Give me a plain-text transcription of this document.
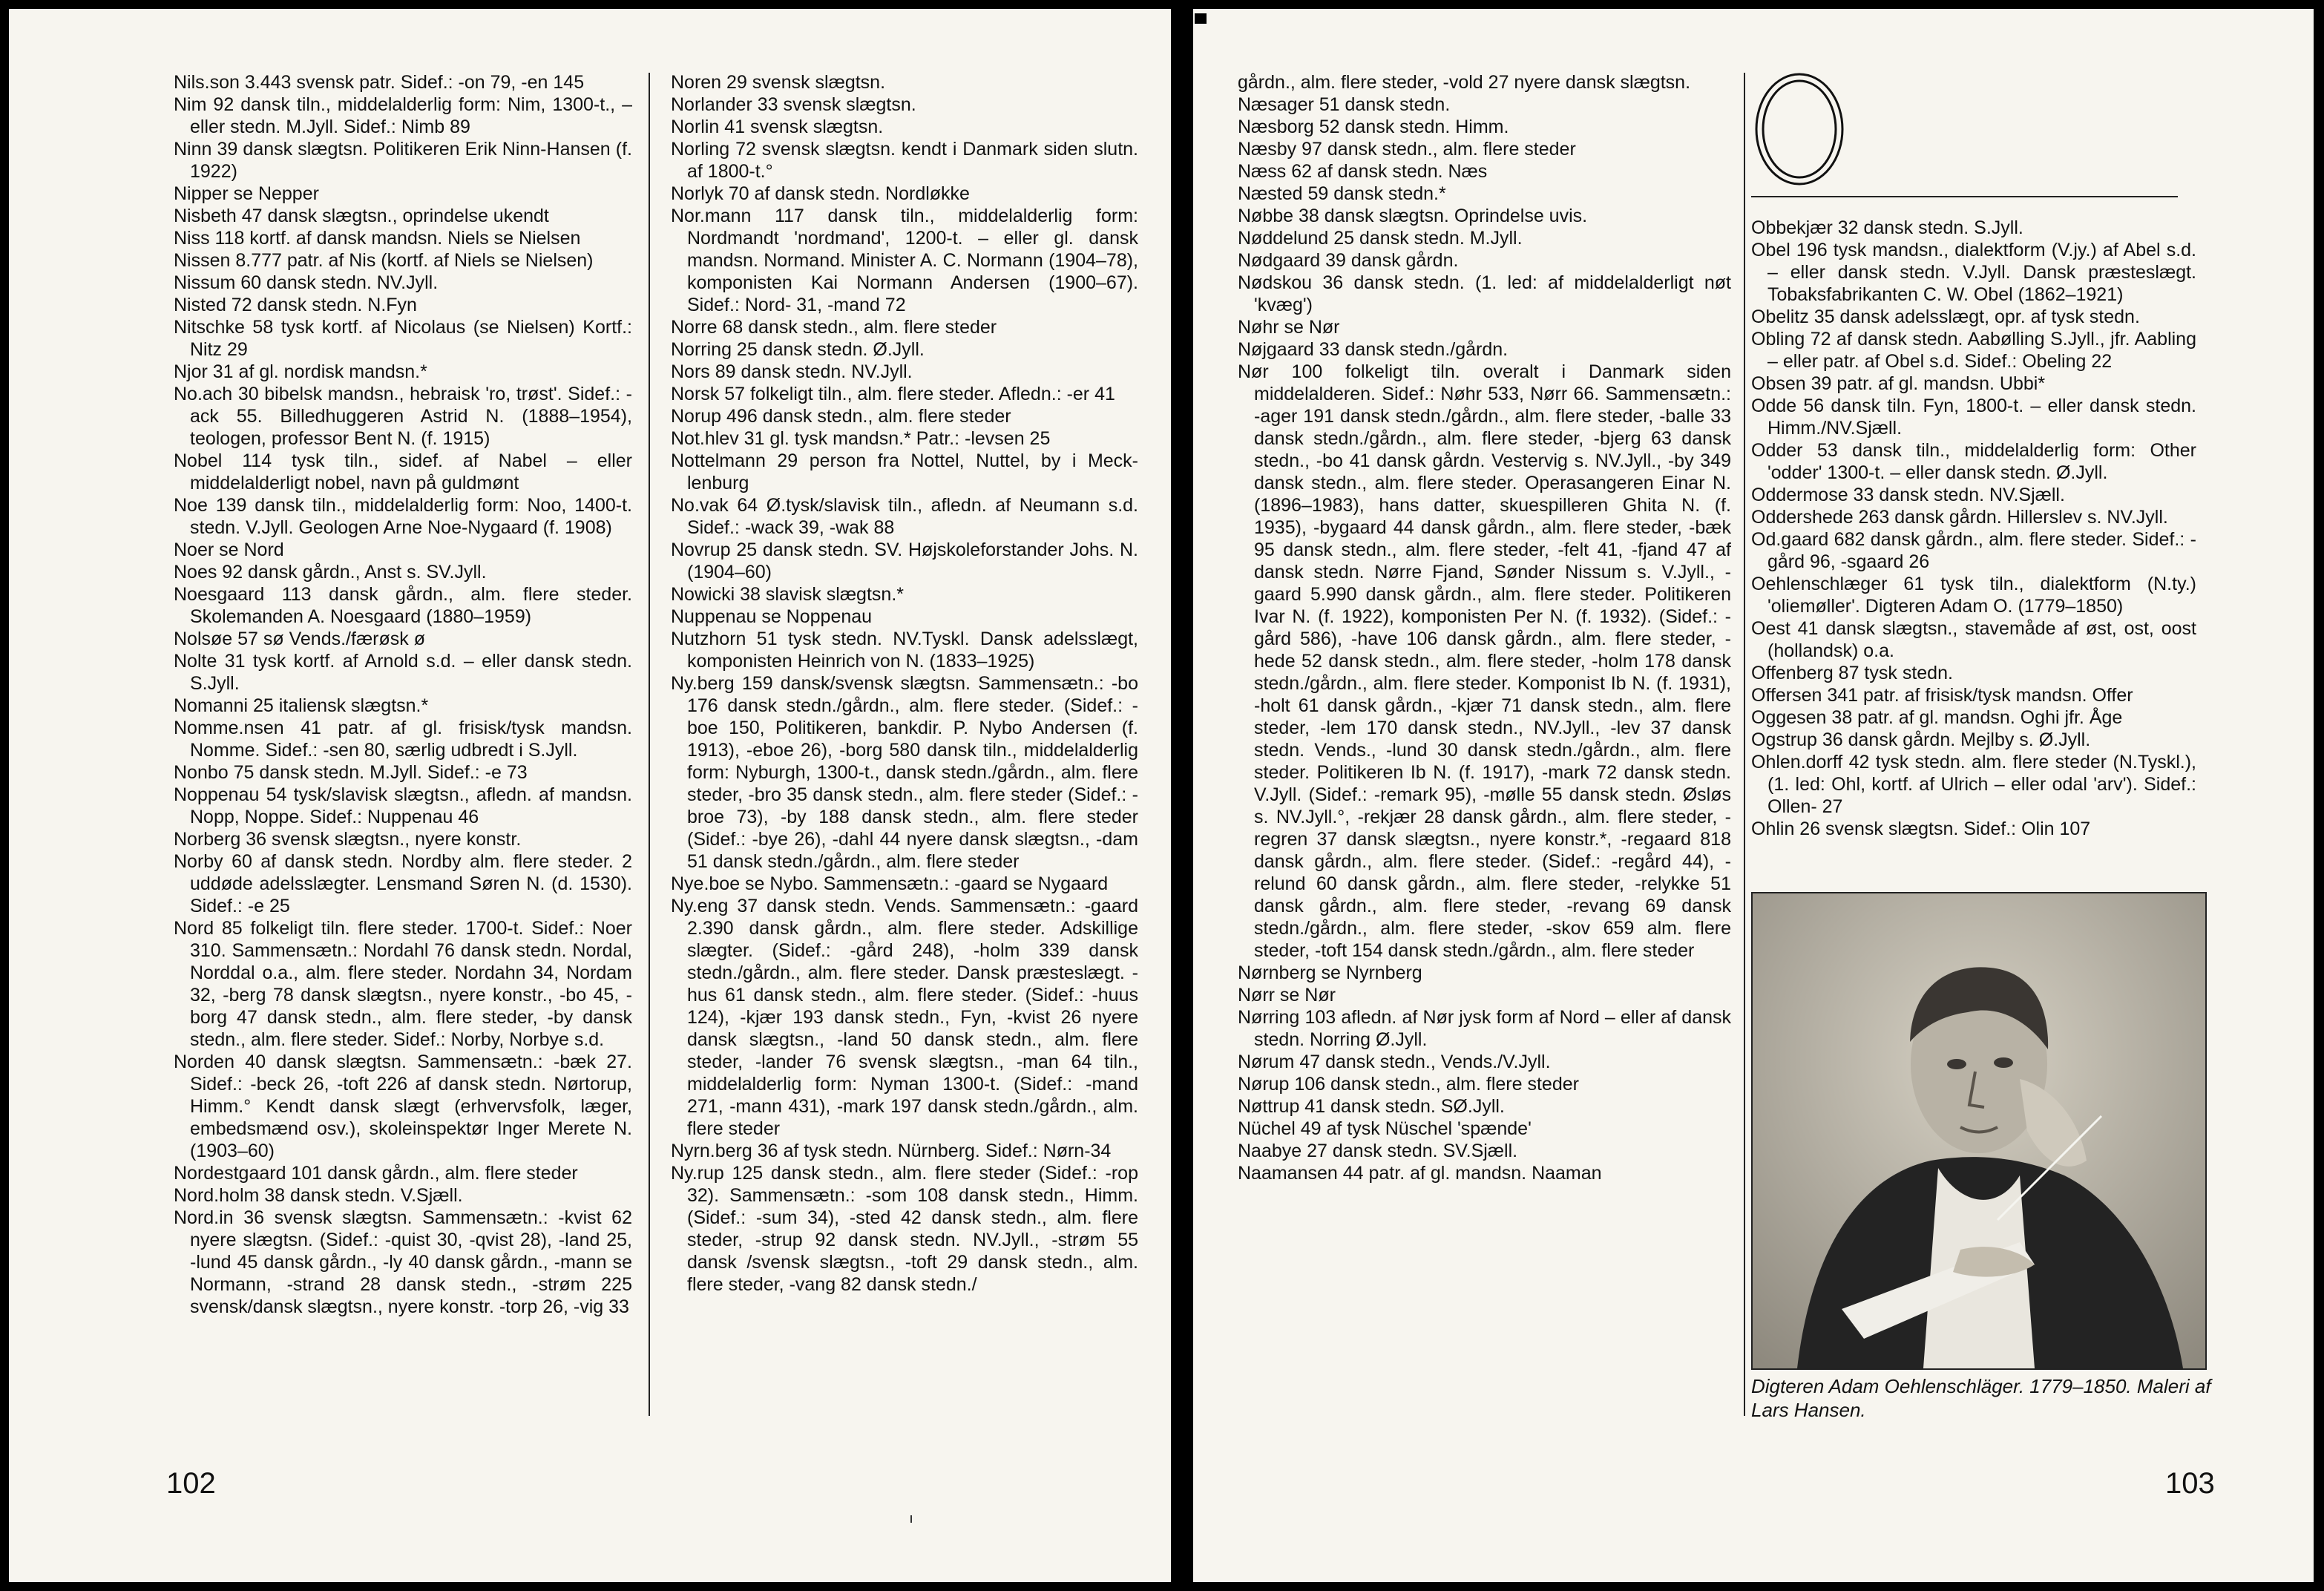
Nils.son 3.443 svensk patr. Sidef.: -on 79, -en 145

Nim 92 dansk tiln., middelalderlig form: Nim, 1300-t., – eller stedn. M.Jyll. Sidef.: Nimb 89

Ninn 39 dansk slægtsn. Politikeren Erik Ninn-Hansen (f. 1922)

Nipper se Nepper

Nisbeth 47 dansk slægtsn., oprindelse ukendt

Niss 118 kortf. af dansk mandsn. Niels se Nielsen

Nissen 8.777 patr. af Nis (kortf. af Niels se Nielsen)

Nissum 60 dansk stedn. NV.Jyll.

Nisted 72 dansk stedn. N.Fyn

Nitschke 58 tysk kortf. af Nicolaus (se Nielsen) Kortf.: Nitz 29

Njor 31 af gl. nordisk mandsn.*

No.ach 30 bibelsk mandsn., hebraisk 'ro, trøst'. Sidef.: -ack 55. Billedhuggeren Astrid N. (1888–1954), teologen, professor Bent N. (f. 1915)

Nobel 114 tysk tiln., sidef. af Nabel – eller middelalderligt nobel, navn på guldmønt

Noe 139 dansk tiln., middelalderlig form: Noo, 1400-t. stedn. V.Jyll. Geologen Arne Noe-Nygaard (f. 1908)

Noer se Nord

Noes 92 dansk gårdn., Anst s. SV.Jyll.

Noesgaard 113 dansk gårdn., alm. flere steder. Skolemanden A. Noesgaard (1880–1959)

Nolsøe 57 sø Vends./færøsk ø

Nolte 31 tysk kortf. af Arnold s.d. – eller dansk stedn. S.Jyll.

Nomanni 25 italiensk slægtsn.*

Nomme.nsen 41 patr. af gl. frisisk/tysk mandsn. Nomme. Sidef.: -sen 80, særlig udbredt i S.Jyll.

Nonbo 75 dansk stedn. M.Jyll. Sidef.: -e 73

Noppenau 54 tysk/slavisk slægtsn., afledn. af mandsn. Nopp, Noppe. Sidef.: Nuppenau 46

Norberg 36 svensk slægtsn., nyere konstr.

Norby 60 af dansk stedn. Nordby alm. flere steder. 2 uddøde adelsslægter. Lensmand Søren N. (d. 1530). Sidef.: -e 25

Nord 85 folkeligt tiln. flere steder. 1700-t. Sidef.: Noer 310. Sammensætn.: Nordahl 76 dansk stedn. Nordal, Norddal o.a., alm. flere steder. Nordahn 34, Nordam 32, -berg 78 dansk slægtsn., nyere konstr., -bo 45, -borg 47 dansk stedn., alm. flere steder, -by dansk stedn., alm. flere steder. Sidef.: Norby, Norbye s.d.

Norden 40 dansk slægtsn. Sammensætn.: -bæk 27. Sidef.: -beck 26, -toft 226 af dansk stedn. Nørtorup, Himm.° Kendt dansk slægt (erhvervsfolk, læger, embedsmænd osv.), skoleinspektør Inger Merete N. (1903–60)

Nordestgaard 101 dansk gårdn., alm. flere steder

Nord.holm 38 dansk stedn. V.Sjæll.

Nord.in 36 svensk slægtsn. Sammensætn.: -kvist 62 nyere slægtsn. (Sidef.: -quist 30, -qvist 28), -land 25, -lund 45 dansk gårdn., -ly 40 dansk gårdn., -mann se Normann, -strand 28 dansk stedn., -strøm 225 svensk/dansk slægtsn., nyere konstr. -torp 26, -vig 33

Noren 29 svensk slægtsn.

Norlander 33 svensk slægtsn.

Norlin 41 svensk slægtsn.

Norling 72 svensk slægtsn. kendt i Danmark siden slutn. af 1800-t.°

Norlyk 70 af dansk stedn. Nordløkke

Nor.mann 117 dansk tiln., middelalderlig form: Nordmandt 'nordmand', 1200-t. – eller gl. dansk mandsn. Normand. Minister A. C. Normann (1904–78), komponisten Kai Normann Andersen (1900–67). Sidef.: Nord- 31, -mand 72

Norre 68 dansk stedn., alm. flere steder

Norring 25 dansk stedn. Ø.Jyll.

Nors 89 dansk stedn. NV.Jyll.

Norsk 57 folkeligt tiln., alm. flere steder. Afledn.: -er 41

Norup 496 dansk stedn., alm. flere steder

Not.hlev 31 gl. tysk mandsn.* Patr.: -levsen 25

Nottelmann 29 person fra Nottel, Nuttel, by i Meck-lenburg

No.vak 64 Ø.tysk/slavisk tiln., afledn. af Neumann s.d. Sidef.: -wack 39, -wak 88

Novrup 25 dansk stedn. SV. Højskoleforstander Johs. N. (1904–60)

Nowicki 38 slavisk slægtsn.*

Nuppenau se Noppenau

Nutzhorn 51 tysk stedn. NV.Tyskl. Dansk adelsslægt, komponisten Heinrich von N. (1833–1925)

Ny.berg 159 dansk/svensk slægtsn. Sammensætn.: -bo 176 dansk stedn./gårdn., alm. flere steder. (Sidef.: -boe 150, Politikeren, bankdir. P. Nybo Andersen (f. 1913), -eboe 26), -borg 580 dansk tiln., middelalderlig form: Nyburgh, 1300-t., dansk stedn./gårdn., alm. flere steder, -bro 35 dansk stedn., alm. flere steder (Sidef.: -broe 73), -by 188 dansk stedn., alm. flere steder (Sidef.: -bye 26), -dahl 44 nyere dansk slægtsn., -dam 51 dansk stedn./gårdn., alm. flere steder

Nye.boe se Nybo. Sammensætn.: -gaard se Nygaard

Ny.eng 37 dansk stedn. Vends. Sammensætn.: -gaard 2.390 dansk gårdn., alm. flere steder. Adskillige slægter. (Sidef.: -gård 248), -holm 339 dansk stedn./gårdn., alm. flere steder. Dansk præsteslægt. -hus 61 dansk stedn., alm. flere steder. (Sidef.: -huus 124), -kjær 193 dansk stedn., Fyn, -kvist 26 nyere dansk slægtsn., -land 50 dansk stedn., alm. flere steder, -lander 76 svensk slægtsn., -man 64 tiln., middelalderlig form: Nyman 1300-t. (Sidef.: -mand 271, -mann 431), -mark 197 dansk stedn./gårdn., alm. flere steder

Nyrn.berg 36 af tysk stedn. Nürnberg. Sidef.: Nørn-34

Ny.rup 125 dansk stedn., alm. flere steder (Sidef.: -rop 32). Sammensætn.: -som 108 dansk stedn., Himm. (Sidef.: -sum 34), -sted 42 dansk stedn., alm. flere steder, -strup 92 dansk stedn. NV.Jyll., -strøm 55 dansk /svensk slægtsn., -toft 29 dansk stedn., alm. flere steder, -vang 82 dansk stedn./

102

gårdn., alm. flere steder, -vold 27 nyere dansk slægtsn.

Næsager 51 dansk stedn.

Næsborg 52 dansk stedn. Himm.

Næsby 97 dansk stedn., alm. flere steder

Næss 62 af dansk stedn. Næs

Næsted 59 dansk stedn.*

Nøbbe 38 dansk slægtsn. Oprindelse uvis.

Nøddelund 25 dansk stedn. M.Jyll.

Nødgaard 39 dansk gårdn.

Nødskou 36 dansk stedn. (1. led: af middelalderligt nøt 'kvæg')

Nøhr se Nør

Nøjgaard 33 dansk stedn./gårdn.

Nør 100 folkeligt tiln. overalt i Danmark siden middelalderen. Sidef.: Nøhr 533, Nørr 66. Sammensætn.: -ager 191 dansk stedn./gårdn., alm. flere steder, -balle 33 dansk stedn./gårdn., alm. flere steder, -bjerg 63 dansk stedn., -bo 41 dansk gårdn. Vestervig s. NV.Jyll., -by 349 dansk stedn., alm. flere steder. Operasangeren Einar N. (1896–1983), hans datter, skuespilleren Ghita N. (f. 1935), -bygaard 44 dansk gårdn., alm. flere steder, -bæk 95 dansk stedn., alm. flere steder, -felt 41, -fjand 47 af dansk stedn. Nørre Fjand, Sønder Nissum s. V.Jyll., -gaard 5.990 dansk gårdn., alm. flere steder. Politikeren Ivar N. (f. 1922), komponisten Per N. (f. 1932). (Sidef.: -gård 586), -have 106 dansk gårdn., alm. flere steder, -hede 52 dansk stedn., alm. flere steder, -holm 178 dansk stedn./gårdn., alm. flere steder. Komponist Ib N. (f. 1931), -holt 61 dansk gårdn., -kjær 71 dansk stedn., alm. flere steder, -lem 170 dansk stedn., NV.Jyll., -lev 37 dansk stedn. Vends., -lund 30 dansk stedn./gårdn., alm. flere steder. Politikeren Ib N. (f. 1917), -mark 72 dansk stedn. V.Jyll. (Sidef.: -remark 95), -mølle 55 dansk stedn. Øsløs s. NV.Jyll.°, -rekjær 28 dansk gårdn., alm. flere steder, -regren 37 dansk slægtsn., nyere konstr.*, -regaard 818 dansk gårdn., alm. flere steder. (Sidef.: -regård 44), -relund 60 dansk gårdn., alm. flere steder, -relykke 51 dansk gårdn., alm. flere steder, -revang 69 dansk stedn./gårdn., alm. flere steder, -skov 659 alm. flere steder, -toft 154 dansk stedn./gårdn., alm. flere steder

Nørnberg se Nyrnberg

Nørr se Nør

Nørring 103 afledn. af Nør jysk form af Nord – eller af dansk stedn. Norring Ø.Jyll.

Nørum 47 dansk stedn., Vends./V.Jyll.

Nørup 106 dansk stedn., alm. flere steder

Nøttrup 41 dansk stedn. SØ.Jyll.

Nüchel 49 af tysk Nüschel 'spænde'

Naabye 27 dansk stedn. SV.Sjæll.

Naamansen 44 patr. af gl. mandsn. Naaman

Obbekjær 32 dansk stedn. S.Jyll.

Obel 196 tysk mandsn., dialektform (V.jy.) af Abel s.d. – eller dansk stedn. V.Jyll. Dansk præsteslægt. Tobaksfabrikanten C. W. Obel (1862–1921)

Obelitz 35 dansk adelsslægt, opr. af tysk stedn.

Obling 72 af dansk stedn. Aabølling S.Jyll., jfr. Aabling – eller patr. af Obel s.d. Sidef.: Obeling 22

Obsen 39 patr. af gl. mandsn. Ubbi*

Odde 56 dansk tiln. Fyn, 1800-t. – eller dansk stedn. Himm./NV.Sjæll.

Odder 53 dansk tiln., middelalderlig form: Other 'odder' 1300-t. – eller dansk stedn. Ø.Jyll.

Oddermose 33 dansk stedn. NV.Sjæll.

Oddershede 263 dansk gårdn. Hillerslev s. NV.Jyll.

Od.gaard 682 dansk gårdn., alm. flere steder. Sidef.: -gård 96, -sgaard 26

Oehlenschlæger 61 tysk tiln., dialektform (N.ty.) 'oliemøller'. Digteren Adam O. (1779–1850)

Oest 41 dansk slægtsn., stavemåde af øst, ost, oost (hollandsk) o.a.

Offenberg 87 tysk stedn.

Offersen 341 patr. af frisisk/tysk mandsn. Offer

Oggesen 38 patr. af gl. mandsn. Oghi jfr. Åge

Ogstrup 36 dansk gårdn. Mejlby s. Ø.Jyll.

Ohlen.dorff 42 tysk stedn. alm. flere steder (N.Tyskl.), (1. led: Ohl, kortf. af Ulrich – eller odal 'arv'). Sidef.: Ollen- 27

Ohlin 26 svensk slægtsn. Sidef.: Olin 107

Digteren Adam Oehlenschläger. 1779–1850. Maleri af Lars Hansen.
103
